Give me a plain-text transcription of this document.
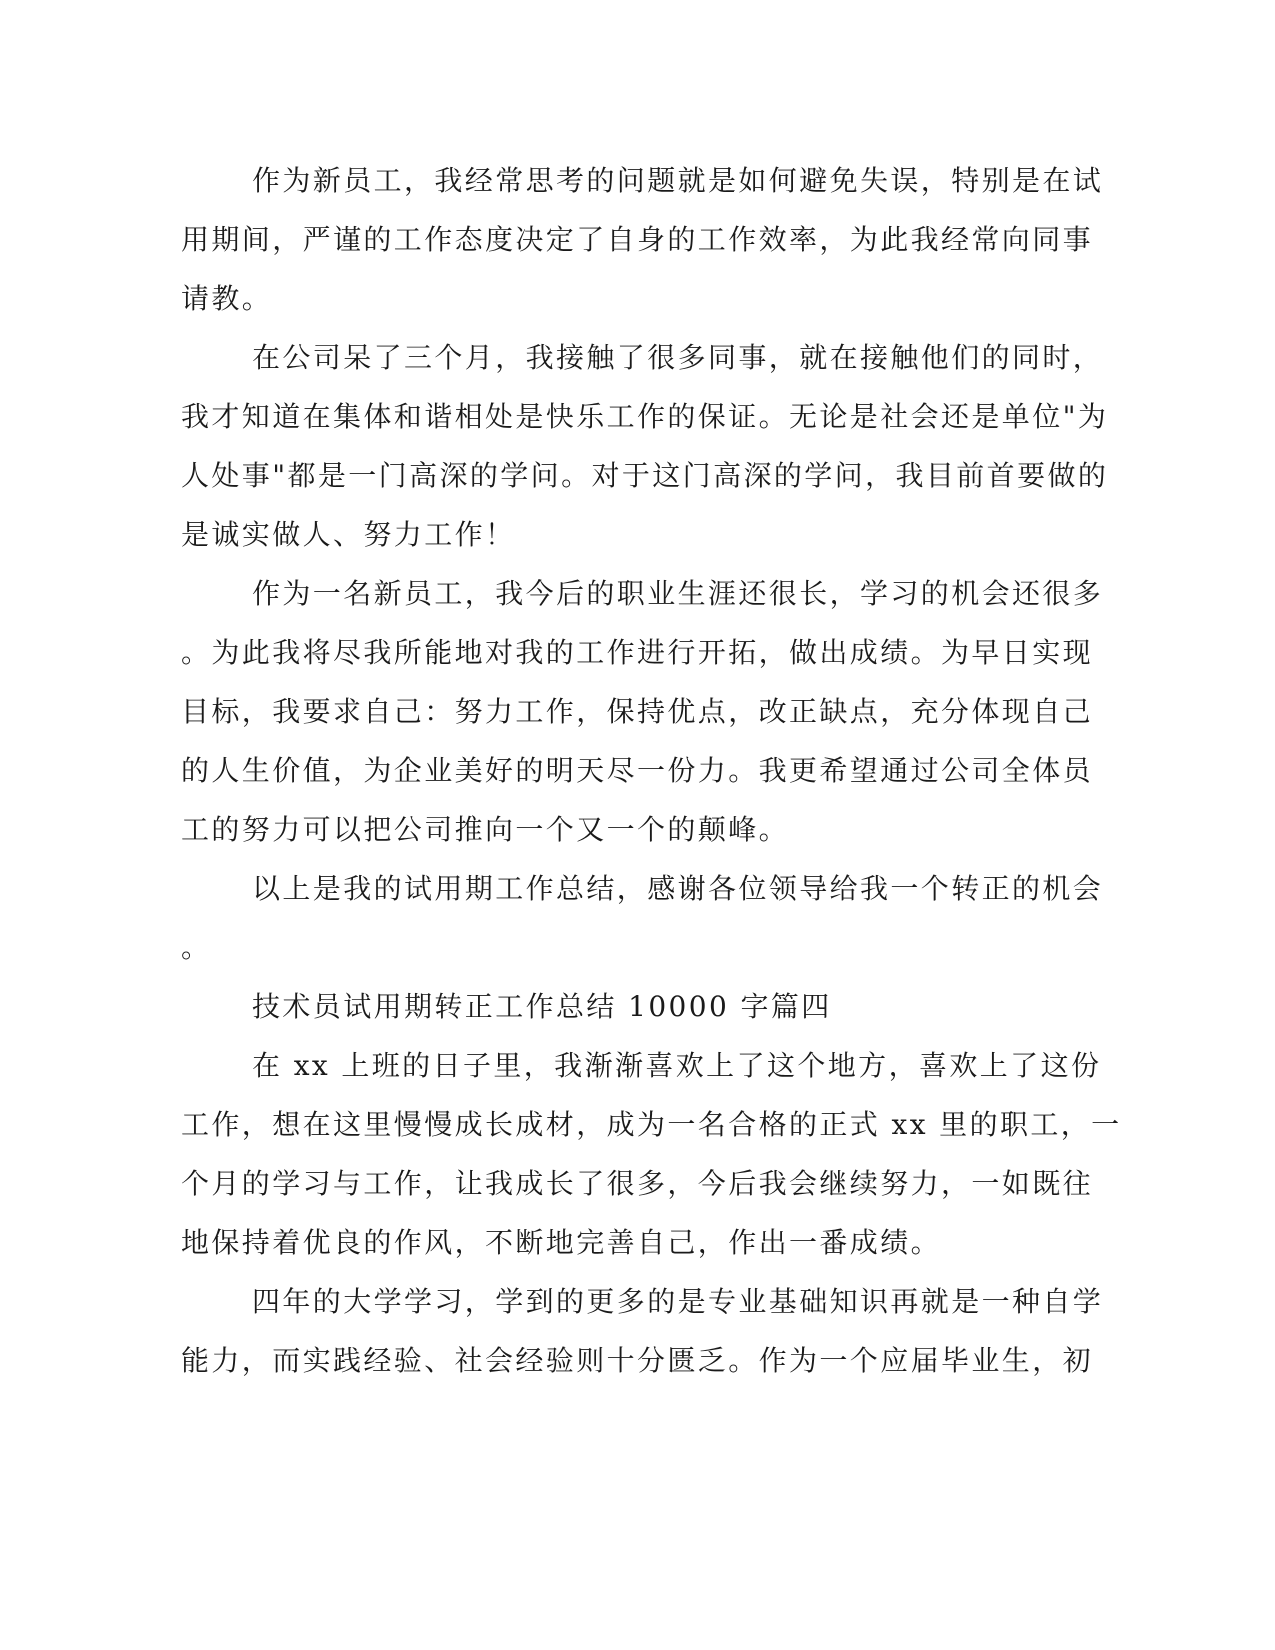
作为新员工，我经常思考的问题就是如何避免失误，特别是在试
用期间，严谨的工作态度决定了自身的工作效率，为此我经常向同事
请教。
在公司呆了三个月，我接触了很多同事，就在接触他们的同时，
我才知道在集体和谐相处是快乐工作的保证。无论是社会还是单位"为
人处事"都是一门高深的学问。对于这门高深的学问，我目前首要做的
是诚实做人、努力工作！
作为一名新员工，我今后的职业生涯还很长，学习的机会还很多
。为此我将尽我所能地对我的工作进行开拓，做出成绩。为早日实现
目标，我要求自己：努力工作，保持优点，改正缺点，充分体现自己
的人生价值，为企业美好的明天尽一份力。我更希望通过公司全体员
工的努力可以把公司推向一个又一个的颠峰。
以上是我的试用期工作总结，感谢各位领导给我一个转正的机会
。
技术员试用期转正工作总结 10000 字篇四
在 xx 上班的日子里，我渐渐喜欢上了这个地方，喜欢上了这份
工作，想在这里慢慢成长成材，成为一名合格的正式 xx 里的职工，一
个月的学习与工作，让我成长了很多，今后我会继续努力，一如既往
地保持着优良的作风，不断地完善自己，作出一番成绩。
四年的大学学习，学到的更多的是专业基础知识再就是一种自学
能力，而实践经验、社会经验则十分匮乏。作为一个应届毕业生，初
